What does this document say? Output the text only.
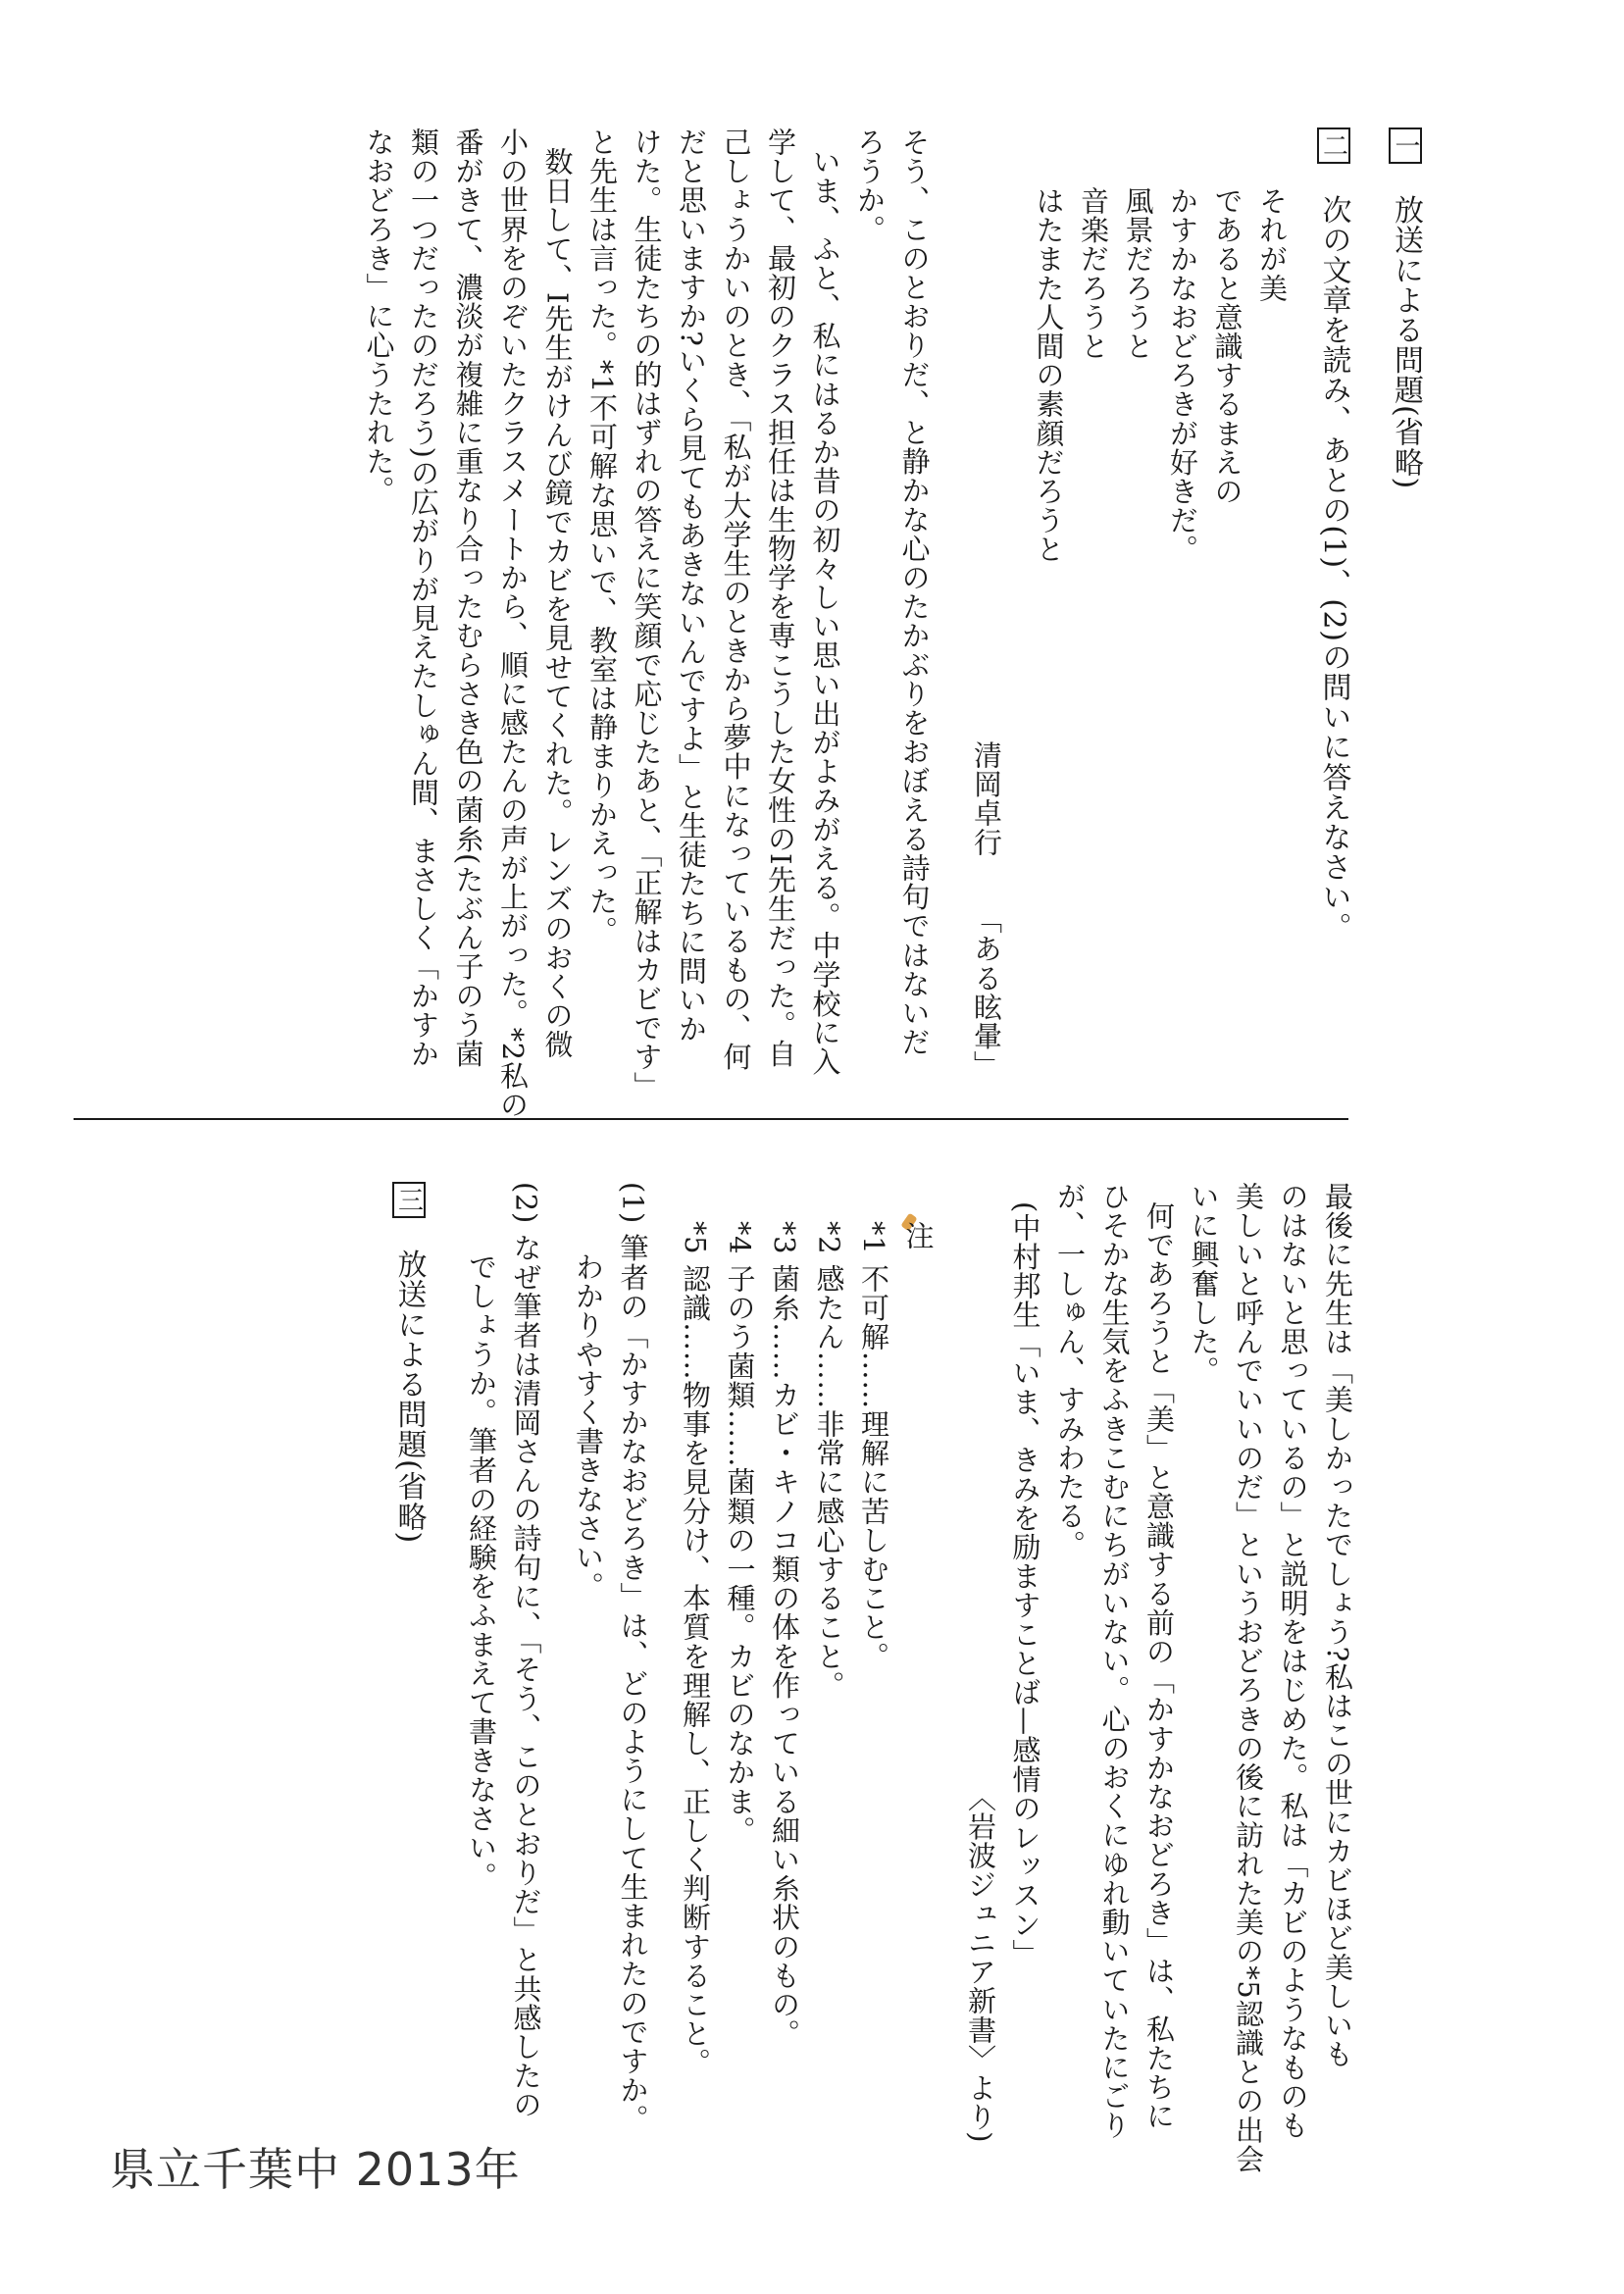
一 放送による問題(省略)
二 次の文章を読み、あとの(1)、(2)の問いに答えなさい。
それが美
であると意識するまえの
かすかなおどろきが好きだ。
風景だろうと
音楽だろうと
はたまた人間の素顔だろうと
清岡卓行  「ある眩暈」
そう、このとおりだ、と静かな心のたかぶりをおぼえる詩句ではないだ
ろうか。
いま、ふと、私にはるか昔の初々しい思い出がよみがえる。中学校に入
学して、最初のクラス担任は生物学を専こうした女性のI先生だった。自
己しょうかいのとき、「私が大学生のときから夢中になっているもの、何
だと思いますか?いくら見てもあきないんですよ」と生徒たちに問いか
けた。生徒たちの的はずれの答えに笑顔で応じたあと、「正解はカビです」
と先生は言った。*1不可解な思いで、教室は静まりかえった。
数日して、I先生がけんび鏡でカビを見せてくれた。レンズのおくの微
小の世界をのぞいたクラスメートから、順に感たんの声が上がった。*2私の
番がきて、濃淡が複雑に重なり合ったむらさき色の菌糸(たぶん子のう菌
類の一つだったのだろう)の広がりが見えたしゅん間、まさしく「かすか
なおどろき」に心うたれた。
最後に先生は「美しかったでしょう?私はこの世にカビほど美しいも
のはないと思っているの」と説明をはじめた。私は「カビのようなものも
美しいと呼んでいいのだ」というおどろきの後に訪れた美の*5認識との出会
いに興奮した。
何であろうと「美」と意識する前の「かすかなおどろき」は、私たちに
ひそかな生気をふきこむにちがいない。心のおくにゆれ動いていたにごり
が、一しゅん、すみわたる。
(中村邦生「いま、きみを励ますことば—感情のレッスン」
〈岩波ジュニア新書〉より)
注
*1 不可解……理解に苦しむこと。
*2 感たん……非常に感心すること。
*3 菌糸……カビ・キノコ類の体を作っている細い糸状のもの。
*4 子のう菌類……菌類の一種。カビのなかま。
*5 認識……物事を見分け、本質を理解し、正しく判断すること。
(1) 筆者の「かすかなおどろき」は、どのようにして生まれたのですか。
わかりやすく書きなさい。
(2) なぜ筆者は清岡さんの詩句に、「そう、このとおりだ」と共感したの
でしょうか。筆者の経験をふまえて書きなさい。
三 放送による問題(省略)
県立千葉中 2013年
